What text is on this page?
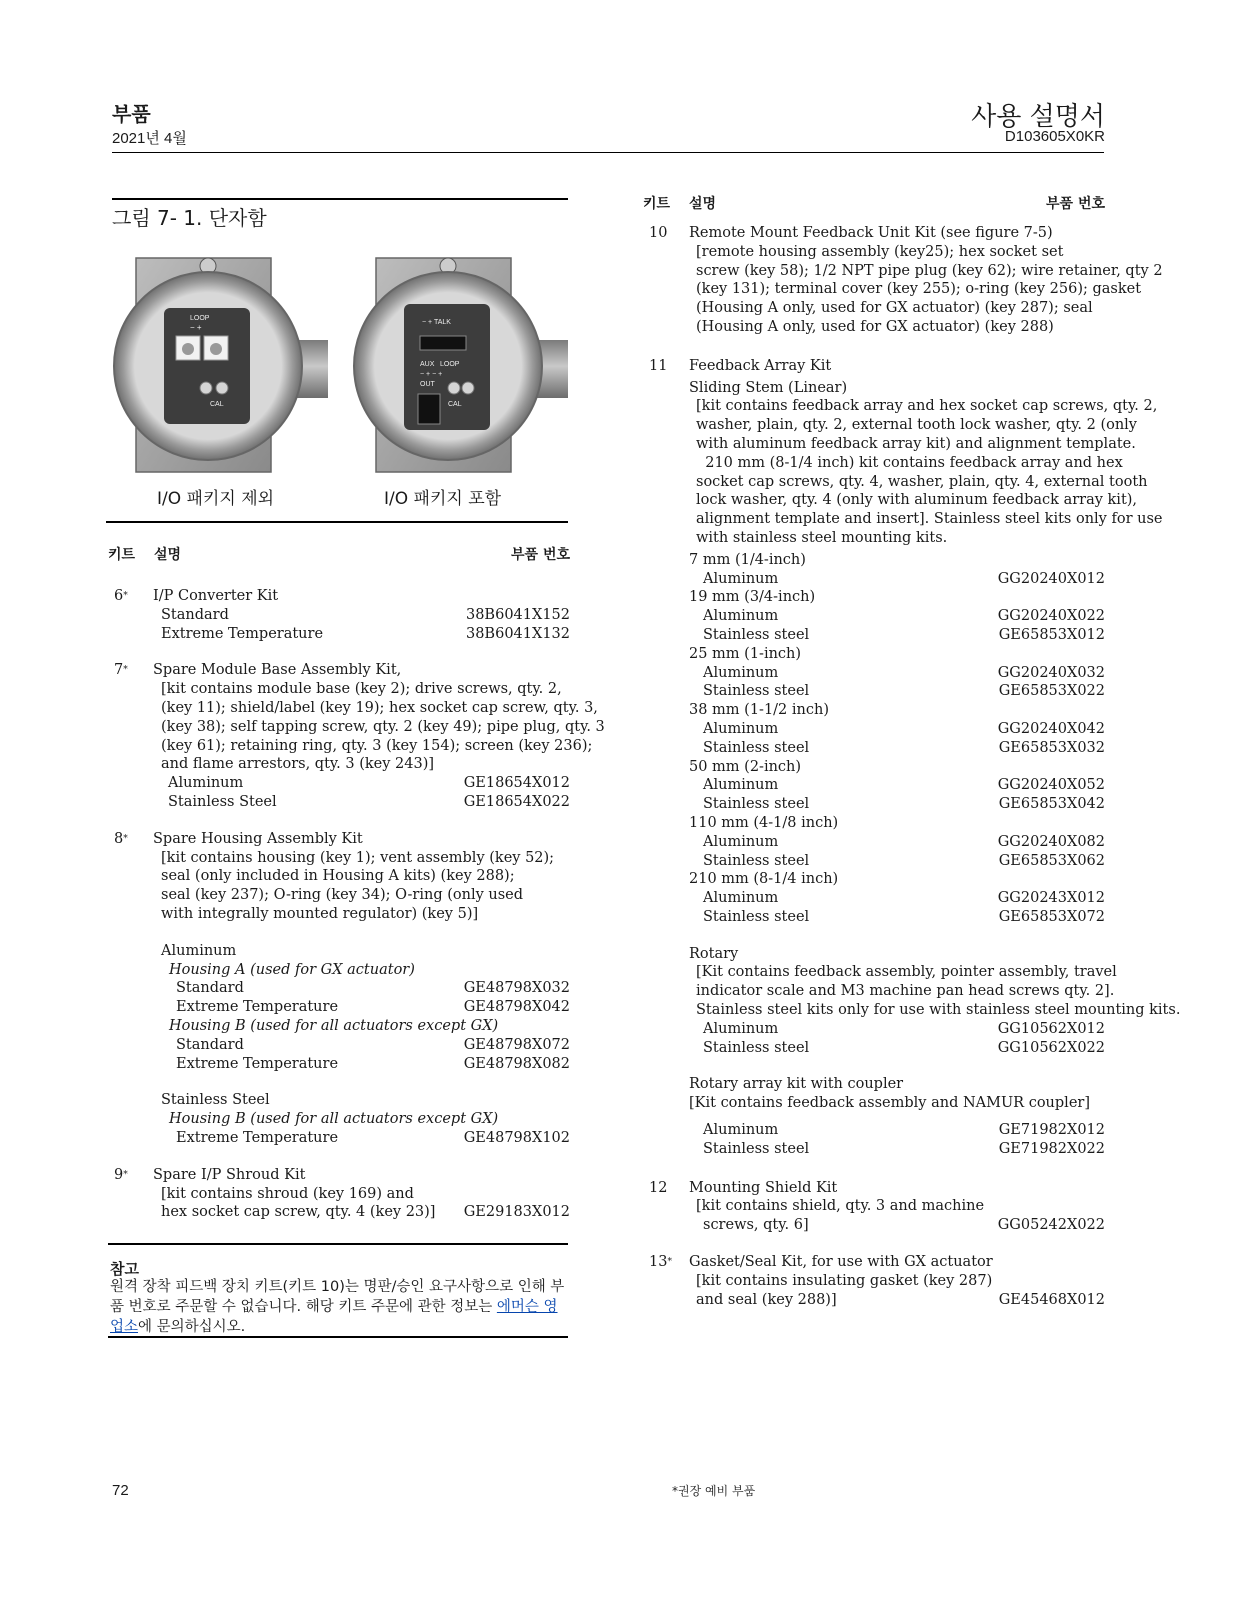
부품
2021년 4월
사용 설명서
D103605X0KR
그림 7- 1. 단자함
LOOP
− +
CAL
− + TALK
AUX LOOP
− + − +
OUT
CAL
I/O 패키지 제외	I/O 패키지 포함
키트 설명	부품 번호
6* I/P Converter Kit
Standard	38B6041X152
Extreme Temperature	38B6041X132
7* Spare Module Base Assembly Kit,
[kit contains module base (key 2); drive screws, qty. 2,
(key 11); shield/label (key 19); hex socket cap screw, qty. 3,
(key 38); self tapping screw, qty. 2 (key 49); pipe plug, qty. 3
(key 61); retaining ring, qty. 3 (key 154); screen (key 236);
and flame arrestors, qty. 3 (key 243)]
Aluminum	GE18654X012
Stainless Steel	GE18654X022
8* Spare Housing Assembly Kit
[kit contains housing (key 1); vent assembly (key 52);
seal (only included in Housing A kits) (key 288);
seal (key 237); O-ring (key 34); O-ring (only used
with integrally mounted regulator) (key 5)]
Aluminum
Housing A (used for GX actuator)
Standard	GE48798X032
Extreme Temperature	GE48798X042
Housing B (used for all actuators except GX)
Standard	GE48798X072
Extreme Temperature	GE48798X082
Stainless Steel
Housing B (used for all actuators except GX)
Extreme Temperature	GE48798X102
9* Spare I/P Shroud Kit
[kit contains shroud (key 169) and
hex socket cap screw, qty. 4 (key 23)] GE29183X012
참고
원격 장착 피드백 장치 키트(키트 10)는 명판/승인 요구사항으로 인해 부품 번호로 주문할 수 없습니다. 해당 키트 주문에 관한 정보는 에머슨 영업소에 문의하십시오.
키트 설명	부품 번호
10 Remote Mount Feedback Unit Kit (see figure 7-5)
[remote housing assembly (key25); hex socket set
screw (key 58); 1/2 NPT pipe plug (key 62); wire retainer, qty 2
(key 131); terminal cover (key 255); o-ring (key 256); gasket
(Housing A only, used for GX actuator) (key 287); seal
(Housing A only, used for GX actuator) (key 288)
11 Feedback Array Kit
Sliding Stem (Linear)
[kit contains feedback array and hex socket cap screws, qty. 2,
washer, plain, qty. 2, external tooth lock washer, qty. 2 (only
with aluminum feedback array kit) and alignment template.
210 mm (8-1/4 inch) kit contains feedback array and hex
socket cap screws, qty. 4, washer, plain, qty. 4, external tooth
lock washer, qty. 4 (only with aluminum feedback array kit),
alignment template and insert]. Stainless steel kits only for use
with stainless steel mounting kits.
7 mm (1/4-inch)
Aluminum	GG20240X012
19 mm (3/4-inch)
Aluminum	GG20240X022
Stainless steel	GE65853X012
25 mm (1-inch)
Aluminum	GG20240X032
Stainless steel	GE65853X022
38 mm (1-1/2 inch)
Aluminum	GG20240X042
Stainless steel	GE65853X032
50 mm (2-inch)
Aluminum	GG20240X052
Stainless steel	GE65853X042
110 mm (4-1/8 inch)
Aluminum	GG20240X082
Stainless steel	GE65853X062
210 mm (8-1/4 inch)
Aluminum	GG20243X012
Stainless steel	GE65853X072
Rotary
[Kit contains feedback assembly, pointer assembly, travel
indicator scale and M3 machine pan head screws qty. 2].
Stainless steel kits only for use with stainless steel mounting kits.
Aluminum	GG10562X012
Stainless steel	GG10562X022
Rotary array kit with coupler
[Kit contains feedback assembly and NAMUR coupler]
Aluminum	GE71982X012
Stainless steel	GE71982X022
12 Mounting Shield Kit
[kit contains shield, qty. 3 and machine
screws, qty. 6]	GG05242X022
13* Gasket/Seal Kit, for use with GX actuator
[kit contains insulating gasket (key 287)
and seal (key 288)]	GE45468X012
72	*권장 예비 부품
